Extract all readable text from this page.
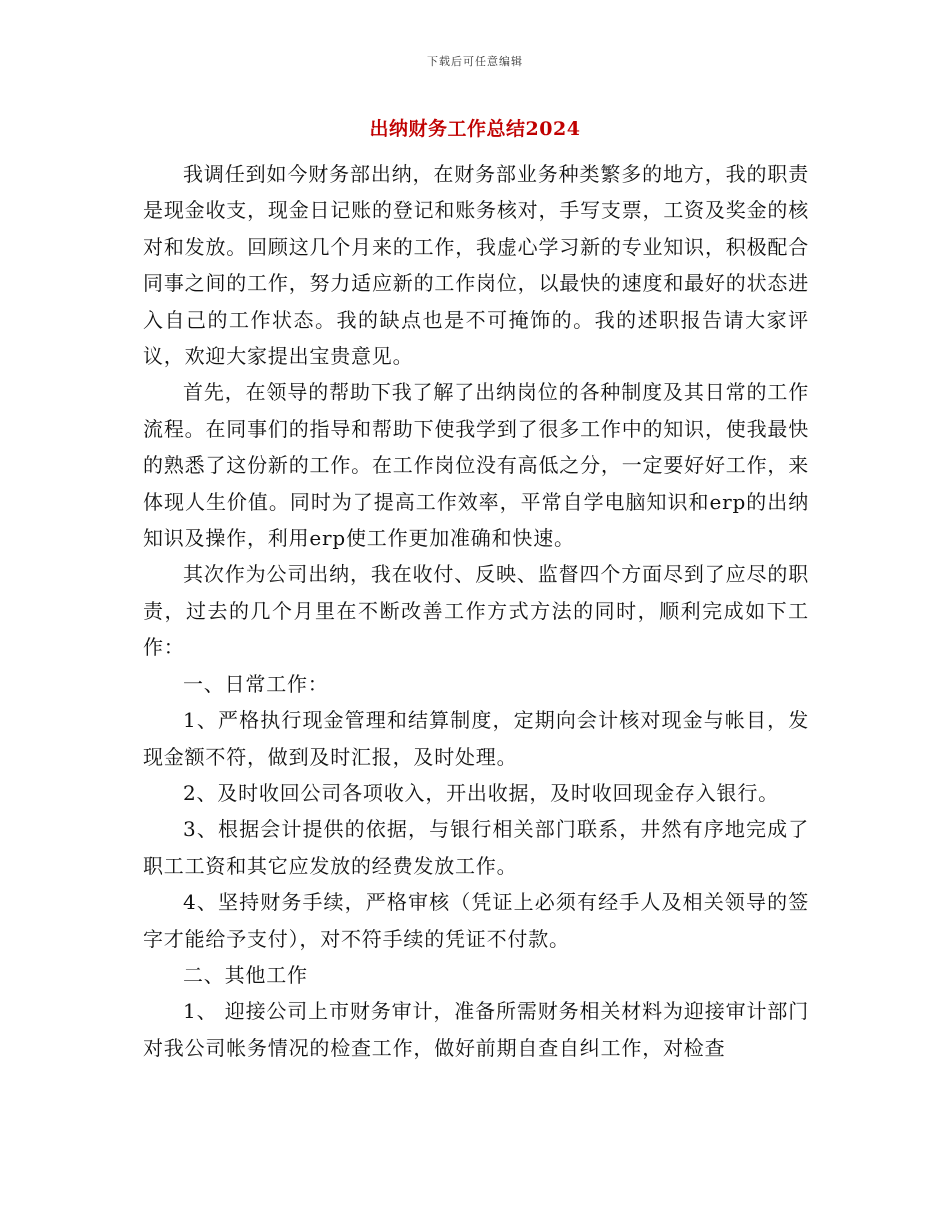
下载后可任意编辑
出纳财务工作总结2024

我调任到如今财务部出纳，在财务部业务种类繁多的地方，我的职责是现金收支，现金日记账的登记和账务核对，手写支票，工资及奖金的核对和发放。回顾这几个月来的工作，我虚心学习新的专业知识，积极配合同事之间的工作，努力适应新的工作岗位，以最快的速度和最好的状态进入自己的工作状态。我的缺点也是不可掩饰的。我的述职报告请大家评议，欢迎大家提出宝贵意见。

首先，在领导的帮助下我了解了出纳岗位的各种制度及其日常的工作流程。在同事们的指导和帮助下使我学到了很多工作中的知识，使我最快的熟悉了这份新的工作。在工作岗位没有高低之分，一定要好好工作，来体现人生价值。同时为了提高工作效率，平常自学电脑知识和erp的出纳知识及操作，利用erp使工作更加准确和快速。

其次作为公司出纳，我在收付、反映、监督四个方面尽到了应尽的职责，过去的几个月里在不断改善工作方式方法的同时，顺利完成如下工作：

一、日常工作：

1、严格执行现金管理和结算制度，定期向会计核对现金与帐目，发现金额不符，做到及时汇报，及时处理。

2、及时收回公司各项收入，开出收据，及时收回现金存入银行。

3、根据会计提供的依据，与银行相关部门联系，井然有序地完成了职工工资和其它应发放的经费发放工作。

4、坚持财务手续，严格审核（凭证上必须有经手人及相关领导的签字才能给予支付），对不符手续的凭证不付款。

二、其他工作

1、 迎接公司上市财务审计，准备所需财务相关材料为迎接审计部门对我公司帐务情况的检查工作，做好前期自查自纠工作，对检查
